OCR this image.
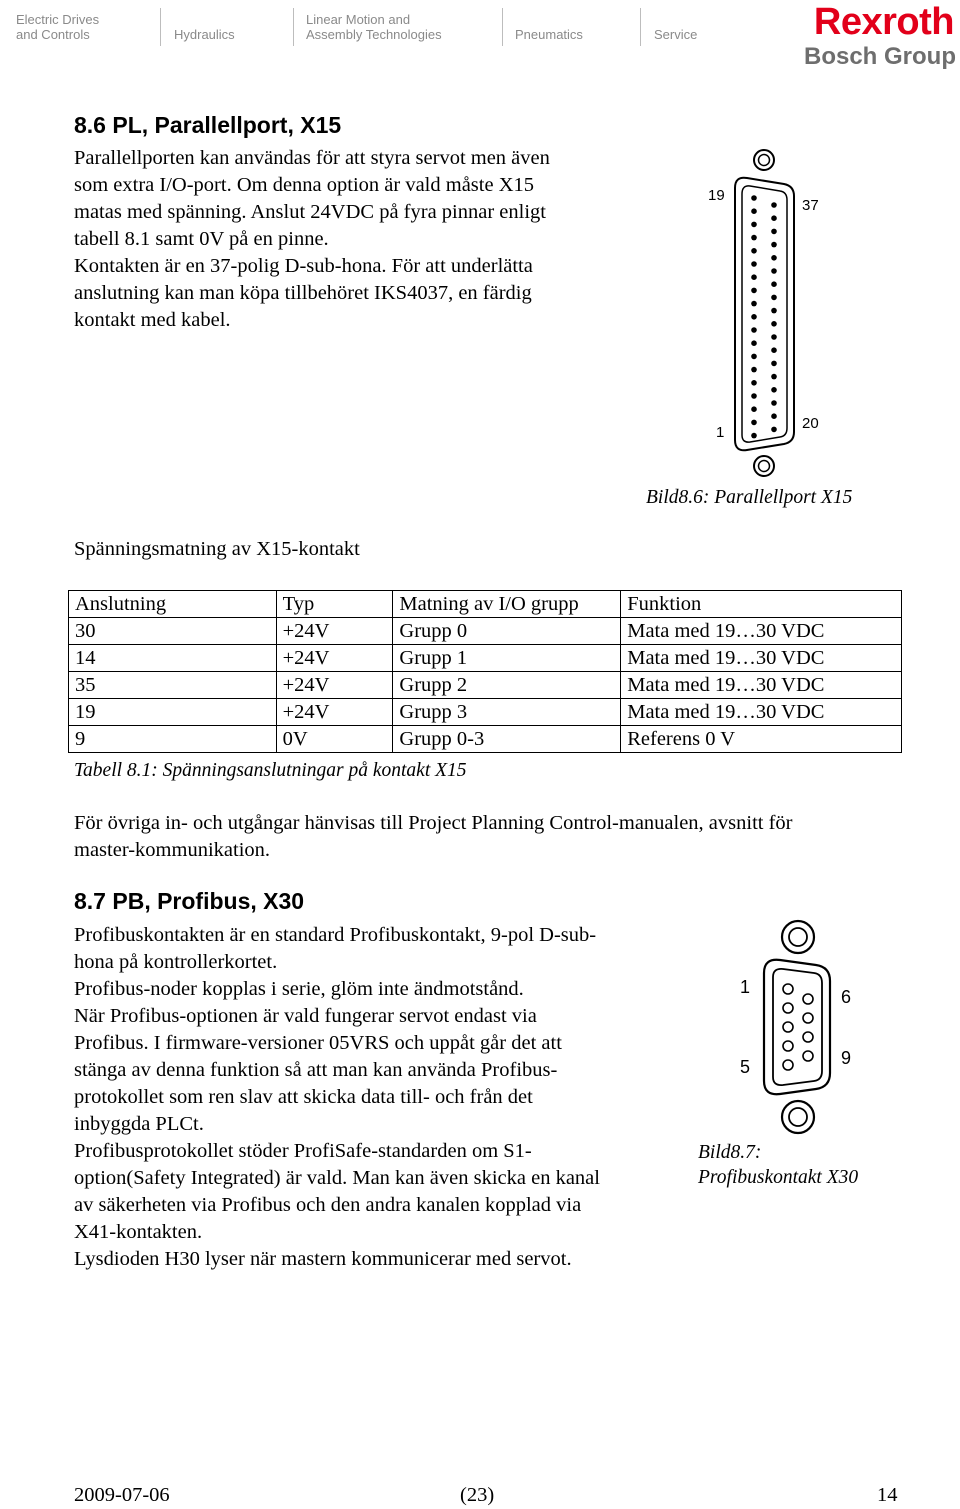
Electric Drives
and Controls	Hydraulics
Linear Motion and
Assembly Technologies	Pneumatics	Service	Rexroth
Bosch Group
8.6 PL, Parallellport, X15
Parallellporten kan användas för att styra servot men även
som extra I/O-port. Om denna option är vald måste X15
matas med spänning. Anslut 24VDC på fyra pinnar enligt
tabell 8.1 samt 0V på en pinne.
Kontakten är en 37-polig D-sub-hona. För att underlätta
anslutning kan man köpa tillbehöret IKS4037, en färdig
kontakt med kabel.
19
37
1
20
Bild8.6: Parallellport X15
Spänningsmatning av X15-kontakt
Anslutning	Typ	Matning av I/O grupp	Funktion
30	+24V	Grupp 0	Mata med 19…30 VDC
14	+24V	Grupp 1	Mata med 19…30 VDC
35	+24V	Grupp 2	Mata med 19…30 VDC
19	+24V	Grupp 3	Mata med 19…30 VDC
9	0V	Grupp 0-3	Referens 0 V
Tabell 8.1: Spänningsanslutningar på kontakt X15
För övriga in- och utgångar hänvisas till Project Planning Control-manualen, avsnitt för
master-kommunikation.
8.7 PB, Profibus, X30
Profibuskontakten är en standard Profibuskontakt, 9-pol D-sub-
hona på kontrollerkortet.
Profibus-noder kopplas i serie, glöm inte ändmotstånd.
När Profibus-optionen är vald fungerar servot endast via
Profibus. I firmware-versioner 05VRS och uppåt går det att
stänga av denna funktion så att man kan använda Profibus-
protokollet som ren slav att skicka data till- och från det
inbyggda PLCt.
Profibusprotokollet stöder ProfiSafe-standarden om S1-
option(Safety Integrated) är vald. Man kan även skicka en kanal
av säkerheten via Profibus och den andra kanalen kopplad via
X41-kontakten.
Lysdioden H30 lyser när mastern kommunicerar med servot.
1	6
5	9
Bild8.7:
Profibuskontakt X30
2009-07-06	(23)	14
